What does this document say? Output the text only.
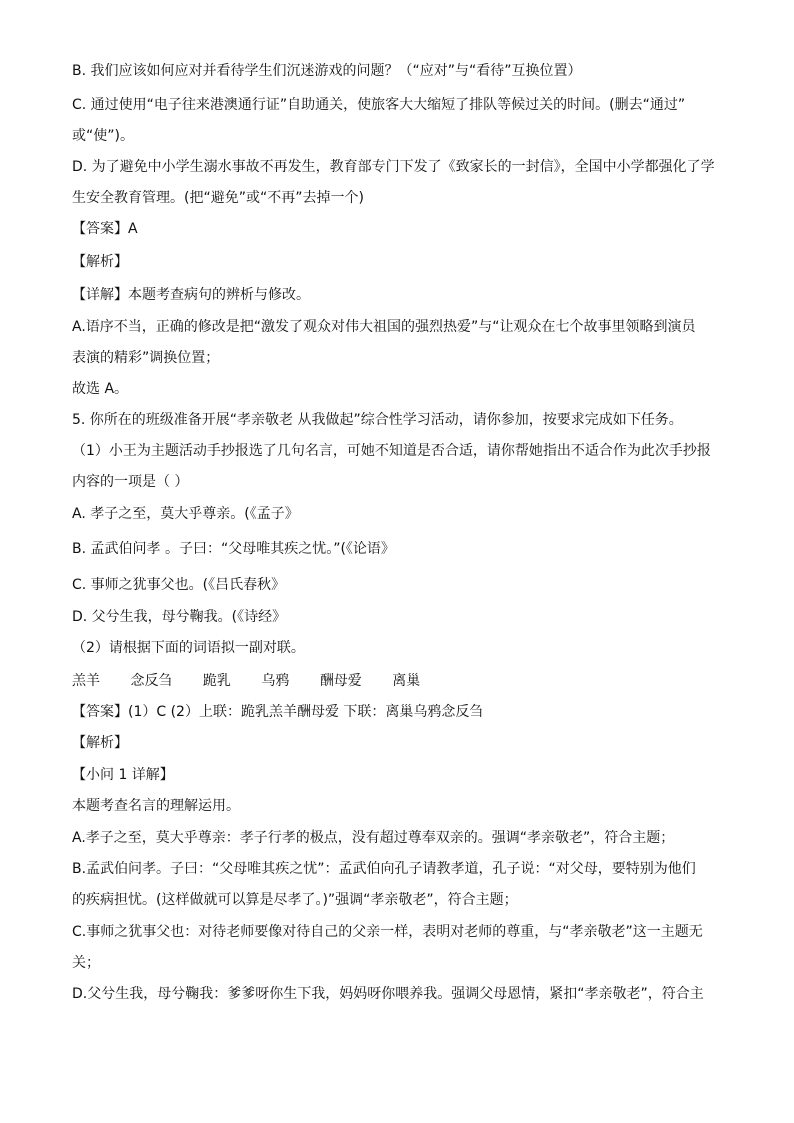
B. 我们应该如何应对并看待学生们沉迷游戏的问题？（“应对”与“看待”互换位置）

C. 通过使用“电子往来港澳通行证”自助通关，使旅客大大缩短了排队等候过关的时间。(删去“通过”

或“使”)。

D. 为了避免中小学生溺水事故不再发生，教育部专门下发了《致家长的一封信》，全国中小学都强化了学

生安全教育管理。(把“避免”或“不再”去掉一个)

【答案】A

【解析】

【详解】本题考查病句的辨析与修改。

A.语序不当，正确的修改是把“激发了观众对伟大祖国的强烈热爱”与“让观众在七个故事里领略到演员

表演的精彩”调换位置；

故选 A。

5. 你所在的班级准备开展“孝亲敬老 从我做起”综合性学习活动，请你参加，按要求完成如下任务。

（1）小王为主题活动手抄报选了几句名言，可她不知道是否合适，请你帮她指出不适合作为此次手抄报

内容的一项是（ ）

A. 孝子之至，莫大乎尊亲。(《孟子》

B. 孟武伯问孝 。子曰：“父母唯其疾之忧。”(《论语》

C. 事师之犹事父也。(《吕氏春秋》

D. 父兮生我，母兮鞠我。(《诗经》

（2）请根据下面的词语拟一副对联。

羔羊 念反刍 跪乳 乌鸦 酬母爱 离巢

【答案】(1）C (2）上联：跪乳羔羊酬母爱 下联：离巢乌鸦念反刍

【解析】

【小问 1 详解】

本题考查名言的理解运用。

A.孝子之至，莫大乎尊亲：孝子行孝的极点，没有超过尊奉双亲的。强调“孝亲敬老”，符合主题；

B.孟武伯问孝。子曰：“父母唯其疾之忧”：孟武伯向孔子请教孝道，孔子说：“对父母，要特别为他们

的疾病担忧。(这样做就可以算是尽孝了。)”强调“孝亲敬老”，符合主题；

C.事师之犹事父也：对待老师要像对待自己的父亲一样，表明对老师的尊重，与“孝亲敬老”这一主题无

关；

D.父兮生我，母兮鞠我：爹爹呀你生下我，妈妈呀你喂养我。强调父母恩情，紧扣“孝亲敬老”，符合主
